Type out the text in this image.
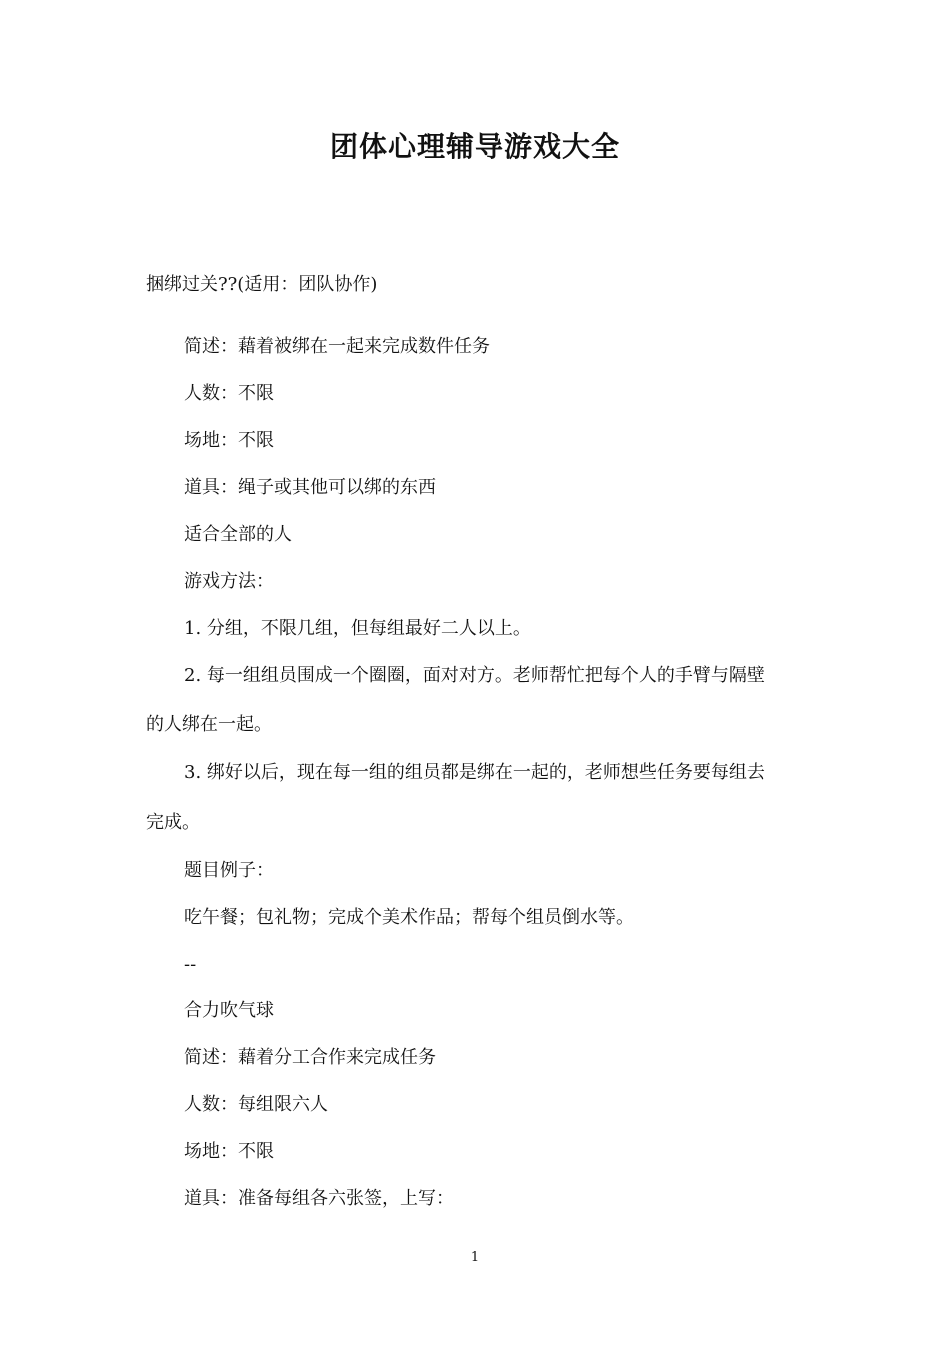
团体心理辅导游戏大全
捆绑过关??(适用：团队协作)
简述：藉着被绑在一起来完成数件任务
人数：不限
场地：不限
道具：绳子或其他可以绑的东西
适合全部的人
游戏方法：
1. 分组，不限几组，但每组最好二人以上。
2. 每一组组员围成一个圈圈，面对对方。老师帮忙把每个人的手臂与隔壁
的人绑在一起。
3. 绑好以后，现在每一组的组员都是绑在一起的，老师想些任务要每组去
完成。
题目例子：
吃午餐；包礼物；完成个美术作品；帮每个组员倒水等。
--
合力吹气球
简述：藉着分工合作来完成任务
人数：每组限六人
场地：不限
道具：准备每组各六张签，上写：
1
